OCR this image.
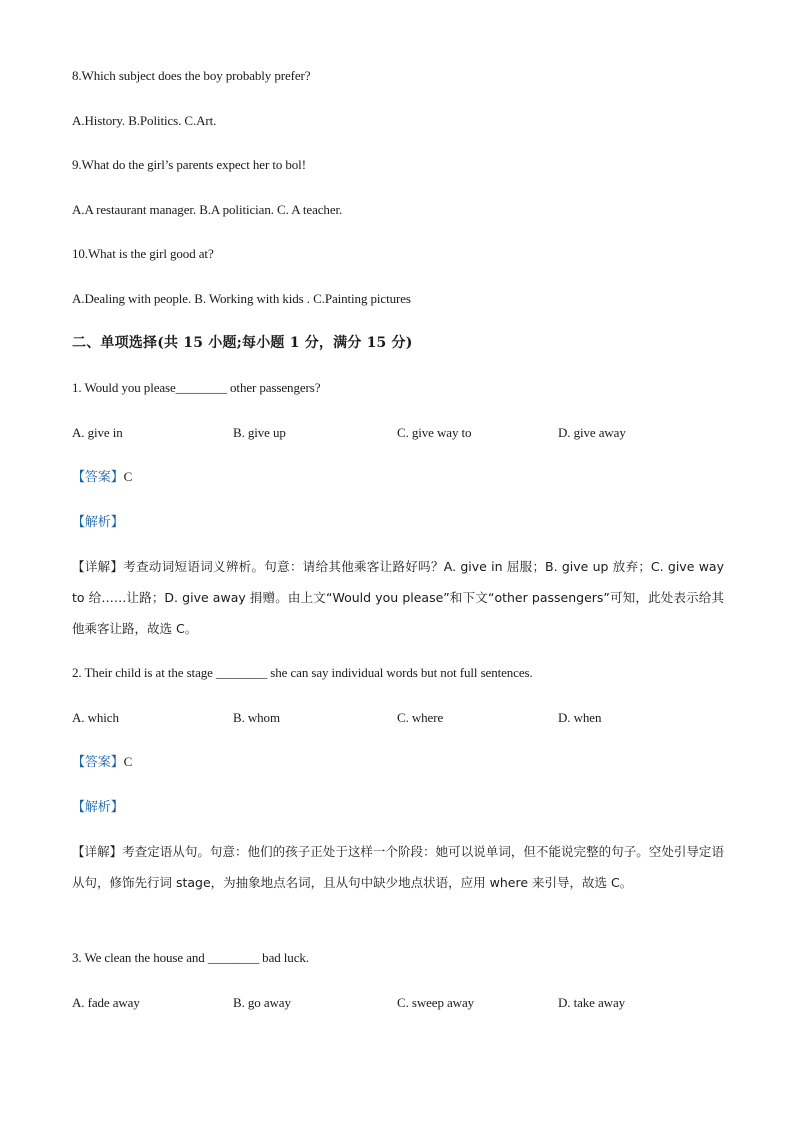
8.Which subject does the boy probably prefer?
A.History. B.Politics. C.Art.
9.What do the girl’s parents expect her to bol!
A.A restaurant manager. B.A politician. C. A teacher.
10.What is the girl good at?
A.Dealing with people. B. Working with kids . C.Painting pictures
二、单项选择(共 15 小题;每小题 1 分，满分 15 分)
1. Would you please________ other passengers?
A. give in	B. give up	C. give way to	D. give away
【答案】C
【解析】
【详解】考查动词短语词义辨析。句意：请给其他乘客让路好吗？A. give in 屈服；B. give up 放弃；C. give way to 给……让路；D. give away 捐赠。由上文“Would you please”和下文“other passengers”可知，此处表示给其他乘客让路，故选 C。
2. Their child is at the stage ________ she can say individual words but not full sentences.
A. which	B. whom	C. where	D. when
【答案】C
【解析】
【详解】考查定语从句。句意：他们的孩子正处于这样一个阶段：她可以说单词，但不能说完整的句子。空处引导定语从句，修饰先行词 stage，为抽象地点名词，且从句中缺少地点状语，应用 where 来引导，故选 C。
3. We clean the house and ________ bad luck.
A. fade away	B. go away	C. sweep away	D. take away
